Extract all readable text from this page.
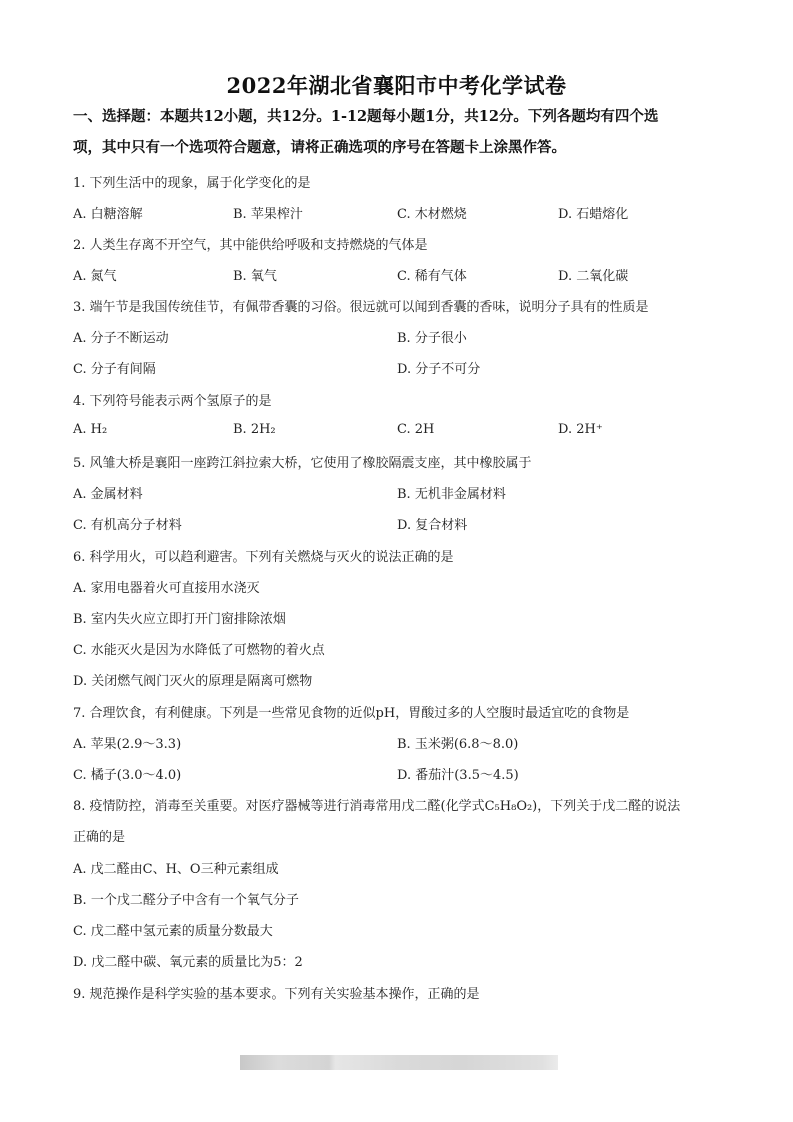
2022年湖北省襄阳市中考化学试卷
一、选择题：本题共12小题，共12分。1-12题每小题1分，共12分。下列各题均有四个选
项，其中只有一个选项符合题意，请将正确选项的序号在答题卡上涂黑作答。
1. 下列生活中的现象，属于化学变化的是
A. 白糖溶解	B. 苹果榨汁	C. 木材燃烧	D. 石蜡熔化
2. 人类生存离不开空气，其中能供给呼吸和支持燃烧的气体是
A. 氮气	B. 氧气	C. 稀有气体	D. 二氧化碳
3. 端午节是我国传统佳节，有佩带香囊的习俗。很远就可以闻到香囊的香味，说明分子具有的性质是
A. 分子不断运动	B. 分子很小
C. 分子有间隔	D. 分子不可分
4. 下列符号能表示两个氢原子的是
A. H₂	B. 2H₂	C. 2H	D. 2H⁺
5. 风雏大桥是襄阳一座跨江斜拉索大桥，它使用了橡胶隔震支座，其中橡胶属于
A. 金属材料	B. 无机非金属材料
C. 有机高分子材料	D. 复合材料
6. 科学用火，可以趋利避害。下列有关燃烧与灭火的说法正确的是
A. 家用电器着火可直接用水浇灭
B. 室内失火应立即打开门窗排除浓烟
C. 水能灭火是因为水降低了可燃物的着火点
D. 关闭燃气阀门灭火的原理是隔离可燃物
7. 合理饮食，有利健康。下列是一些常见食物的近似pH，胃酸过多的人空腹时最适宜吃的食物是
A. 苹果(2.9～3.3)	B. 玉米粥(6.8～8.0)
C. 橘子(3.0～4.0)	D. 番茄汁(3.5～4.5)
8. 疫情防控，消毒至关重要。对医疗器械等进行消毒常用戊二醛(化学式C₅H₈O₂)，下列关于戊二醛的说法
正确的是
A. 戊二醛由C、H、O三种元素组成
B. 一个戊二醛分子中含有一个氧气分子
C. 戊二醛中氢元素的质量分数最大
D. 戊二醛中碳、氧元素的质量比为5：2
9. 规范操作是科学实验的基本要求。下列有关实验基本操作，正确的是
